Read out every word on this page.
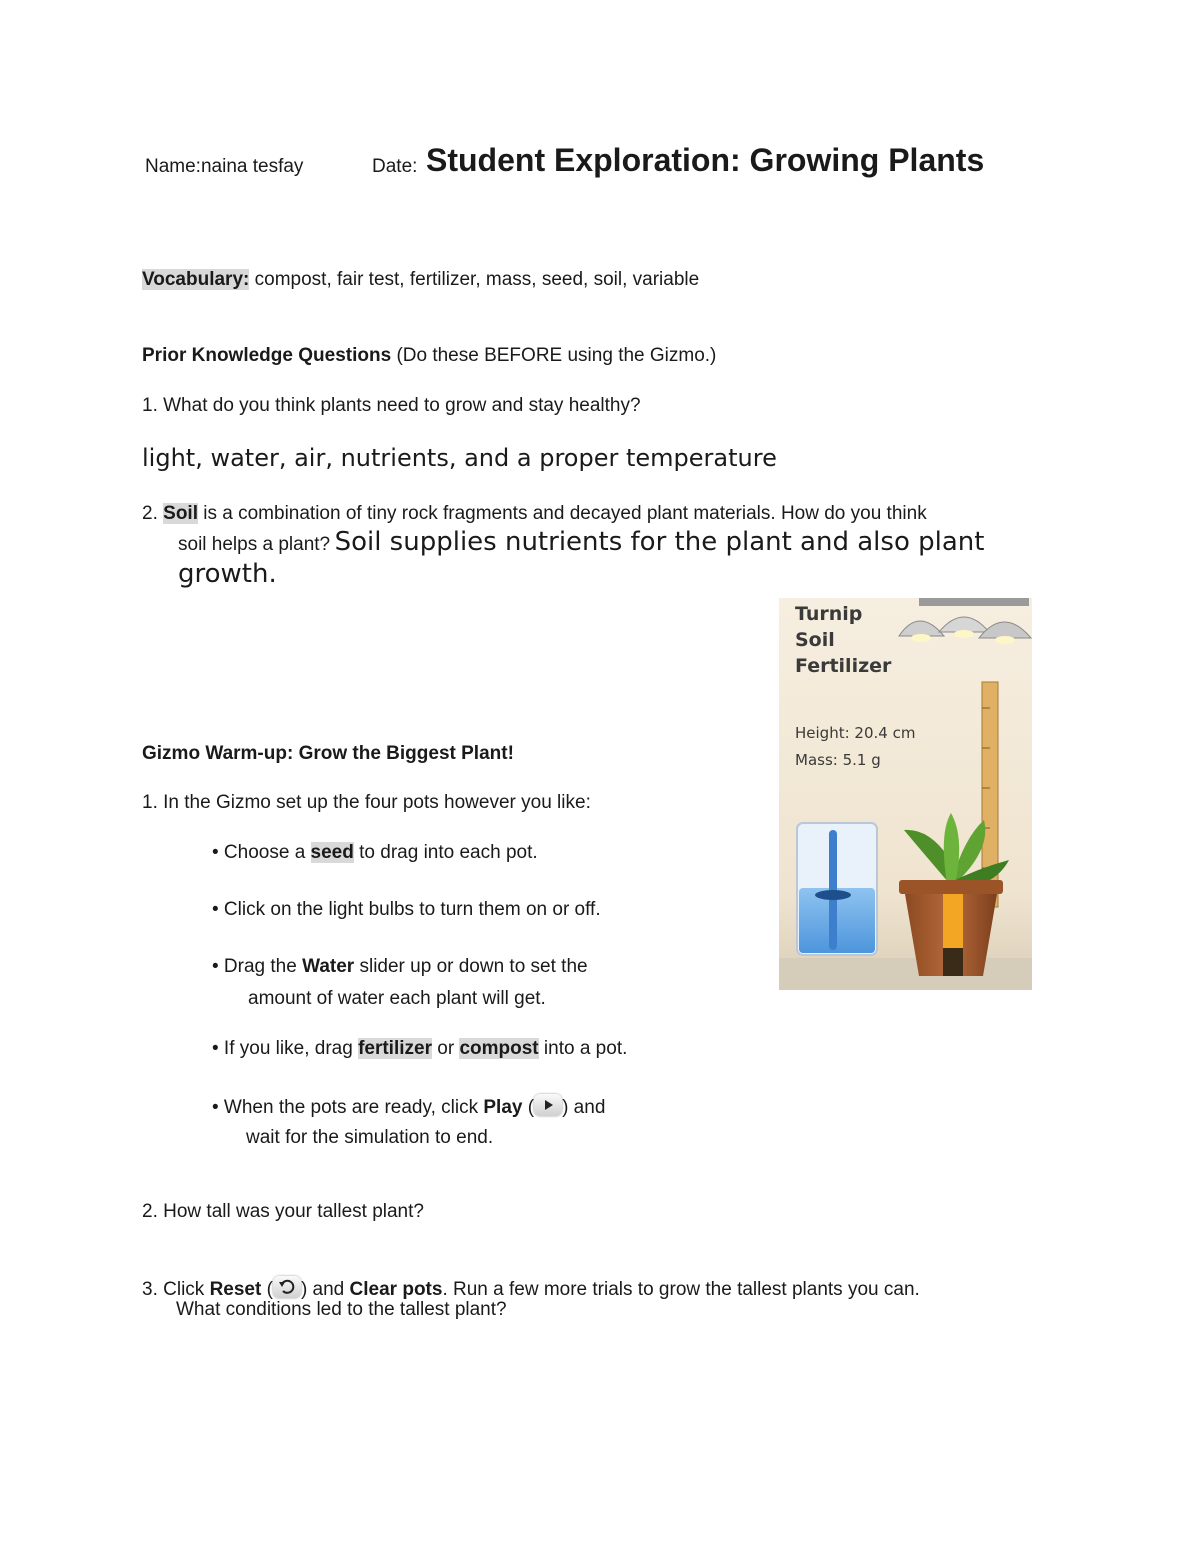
Name:naina tesfay	Date: Student Exploration: Growing Plants
Vocabulary: compost, fair test, fertilizer, mass, seed, soil, variable
Prior Knowledge Questions (Do these BEFORE using the Gizmo.)
1. What do you think plants need to grow and stay healthy?
light, water, air, nutrients, and a proper temperature
2. Soil is a combination of tiny rock fragments and decayed plant materials. How do you think
soil helps a plant? Soil supplies nutrients for the plant and also plant
growth.
Turnip
Soil
Fertilizer
Height: 20.4 cm
Mass: 5.1 g
Gizmo Warm-up: Grow the Biggest Plant!
1. In the Gizmo set up the four pots however you like:
• Choose a seed to drag into each pot.
• Click on the light bulbs to turn them on or off.
• Drag the Water slider up or down to set the
amount of water each plant will get.
• If you like, drag fertilizer or compost into a pot.
• When the pots are ready, click Play ( ) and
wait for the simulation to end.
2. How tall was your tallest plant?
3. Click Reset ( ) and Clear pots. Run a few more trials to grow the tallest plants you can.
What conditions led to the tallest plant?
